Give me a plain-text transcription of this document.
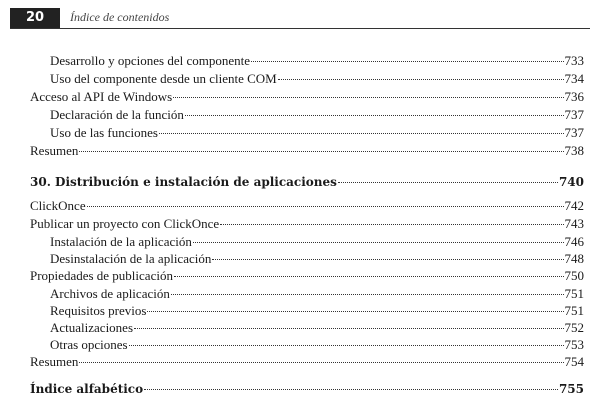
20	Índice de contenidos
Desarrollo y opciones del componente	733
Uso del componente desde un cliente COM	734
Acceso al API de Windows	736
Declaración de la función	737
Uso de las funciones	737
Resumen	738
30. Distribución e instalación de aplicaciones	740
ClickOnce	742
Publicar un proyecto con ClickOnce	743
Instalación de la aplicación	746
Desinstalación de la aplicación	748
Propiedades de publicación	750
Archivos de aplicación	751
Requisitos previos	751
Actualizaciones	752
Otras opciones	753
Resumen	754
Índice alfabético	755
